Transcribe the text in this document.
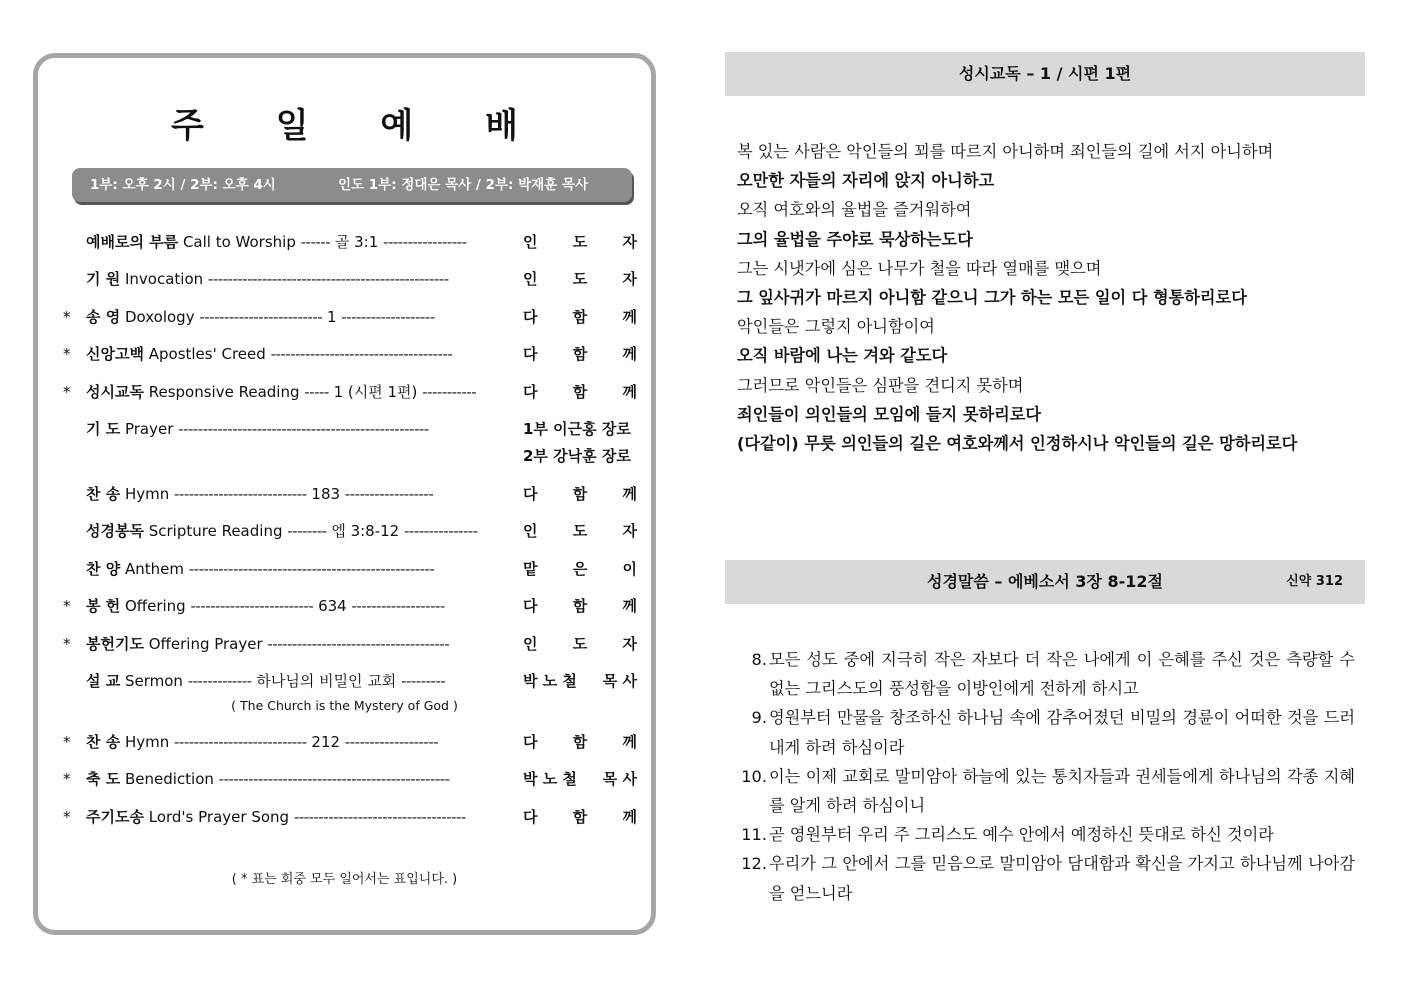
주 일 예 배
1부: 오후 2시 / 2부: 오후 4시	인도 1부: 정대은 목사 / 2부: 박재훈 목사
예배로의 부름 Call to Worship ------ 골 3:1 -----------------	인 도 자
기 원 Invocation -------------------------------------------------	인 도 자
* 송 영 Doxology ------------------------- 1 -------------------	다 함 께
* 신앙고백 Apostles' Creed -------------------------------------	다 함 께
* 성시교독 Responsive Reading ----- 1 (시편 1편) -----------	다 함 께
기 도 Prayer ---------------------------------------------------	1부 이근홍 장로
2부 강낙훈 장로
찬 송 Hymn --------------------------- 183 ------------------	다 함 께
성경봉독 Scripture Reading -------- 엡 3:8-12 ---------------	인 도 자
찬 양 Anthem --------------------------------------------------	맡 은 이
* 봉 헌 Offering ------------------------- 634 -------------------	다 함 께
* 봉헌기도 Offering Prayer -------------------------------------	인 도 자
설 교 Sermon ------------- 하나님의 비밀인 교회 ---------	박 노 철 목 사
* 찬 송 Hymn --------------------------- 212 -------------------	다 함 께
* 축 도 Benediction -----------------------------------------------	박 노 철 목 사
* 주기도송 Lord's Prayer Song -----------------------------------	다 함 께
( The Church is the Mystery of God )
( * 표는 회중 모두 일어서는 표입니다. )
성시교독 – 1 / 시편 1편
복 있는 사람은 악인들의 꾀를 따르지 아니하며 죄인들의 길에 서지 아니하며
오만한 자들의 자리에 앉지 아니하고
오직 여호와의 율법을 즐거워하여
그의 율법을 주야로 묵상하는도다
그는 시냇가에 심은 나무가 철을 따라 열매를 맺으며
그 잎사귀가 마르지 아니함 같으니 그가 하는 모든 일이 다 형통하리로다
악인들은 그렇지 아니함이여
오직 바람에 나는 겨와 같도다
그러므로 악인들은 심판을 견디지 못하며
죄인들이 의인들의 모임에 들지 못하리로다
(다같이) 무릇 의인들의 길은 여호와께서 인정하시나 악인들의 길은 망하리로다
성경말씀 – 에베소서 3장 8-12절	신약 312
8. 모든 성도 중에 지극히 작은 자보다 더 작은 나에게 이 은혜를 주신 것은 측량할 수 없는 그리스도의 풍성함을 이방인에게 전하게 하시고
9. 영원부터 만물을 창조하신 하나님 속에 감추어졌던 비밀의 경륜이 어떠한 것을 드러내게 하려 하심이라
10. 이는 이제 교회로 말미암아 하늘에 있는 통치자들과 권세들에게 하나님의 각종 지혜를 알게 하려 하심이니
11. 곧 영원부터 우리 주 그리스도 예수 안에서 예정하신 뜻대로 하신 것이라
12. 우리가 그 안에서 그를 믿음으로 말미암아 담대함과 확신을 가지고 하나님께 나아감을 얻느니라
